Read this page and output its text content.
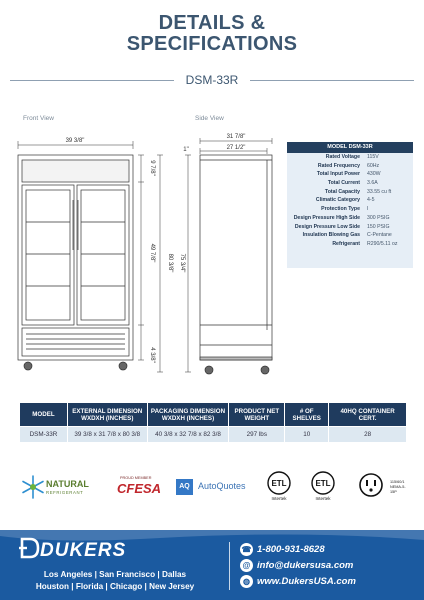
DETAILS &
SPECIFICATIONS
DSM-33R
Front View	Side View
39 3/8"
9 7/8"
49 7/8"
4 3/8"
80 3/8"
31 7/8"
27 1/2"
1"
75 3/4"
MODEL DSM-33R
Rated Voltage	115V
Rated Frequency	60Hz
Total Input Power	430W
Total Current	3.6A
Total Capacity	33.55 cu ft
Climatic Category	4-5
Protection Type	I
Design Pressure High Side	300 PSIG
Design Pressure Low Side	150 PSIG
Insulation Blowing Gas	C-Pentane
Refrigerant	R290/5.11 oz
MODEL	EXTERNAL DIMENSION WXDXH (INCHES)	PACKAGING DIMENSION WXDXH (INCHES)	PRODUCT NET WEIGHT	# OF SHELVES	40HQ CONTAINER CERT.
DSM-33R	39 3/8 x 31 7/8 x 80 3/8	40 3/8 x 32 7/8 x 82 3/8	297 lbs	10	28
NATURAL
REFRIGERANT
PROUD MEMBER
CFESA	AQ AutoQuotes	ETL
Intertek
ETL
Intertek
115/60/1
NEMA-5-15P
DUKERS
Los Angeles | San Francisco | Dallas
Houston | Florida | Chicago | New Jersey
☎ 1-800-931-8628
@ info@dukersusa.com
◍ www.DukersUSA.com
